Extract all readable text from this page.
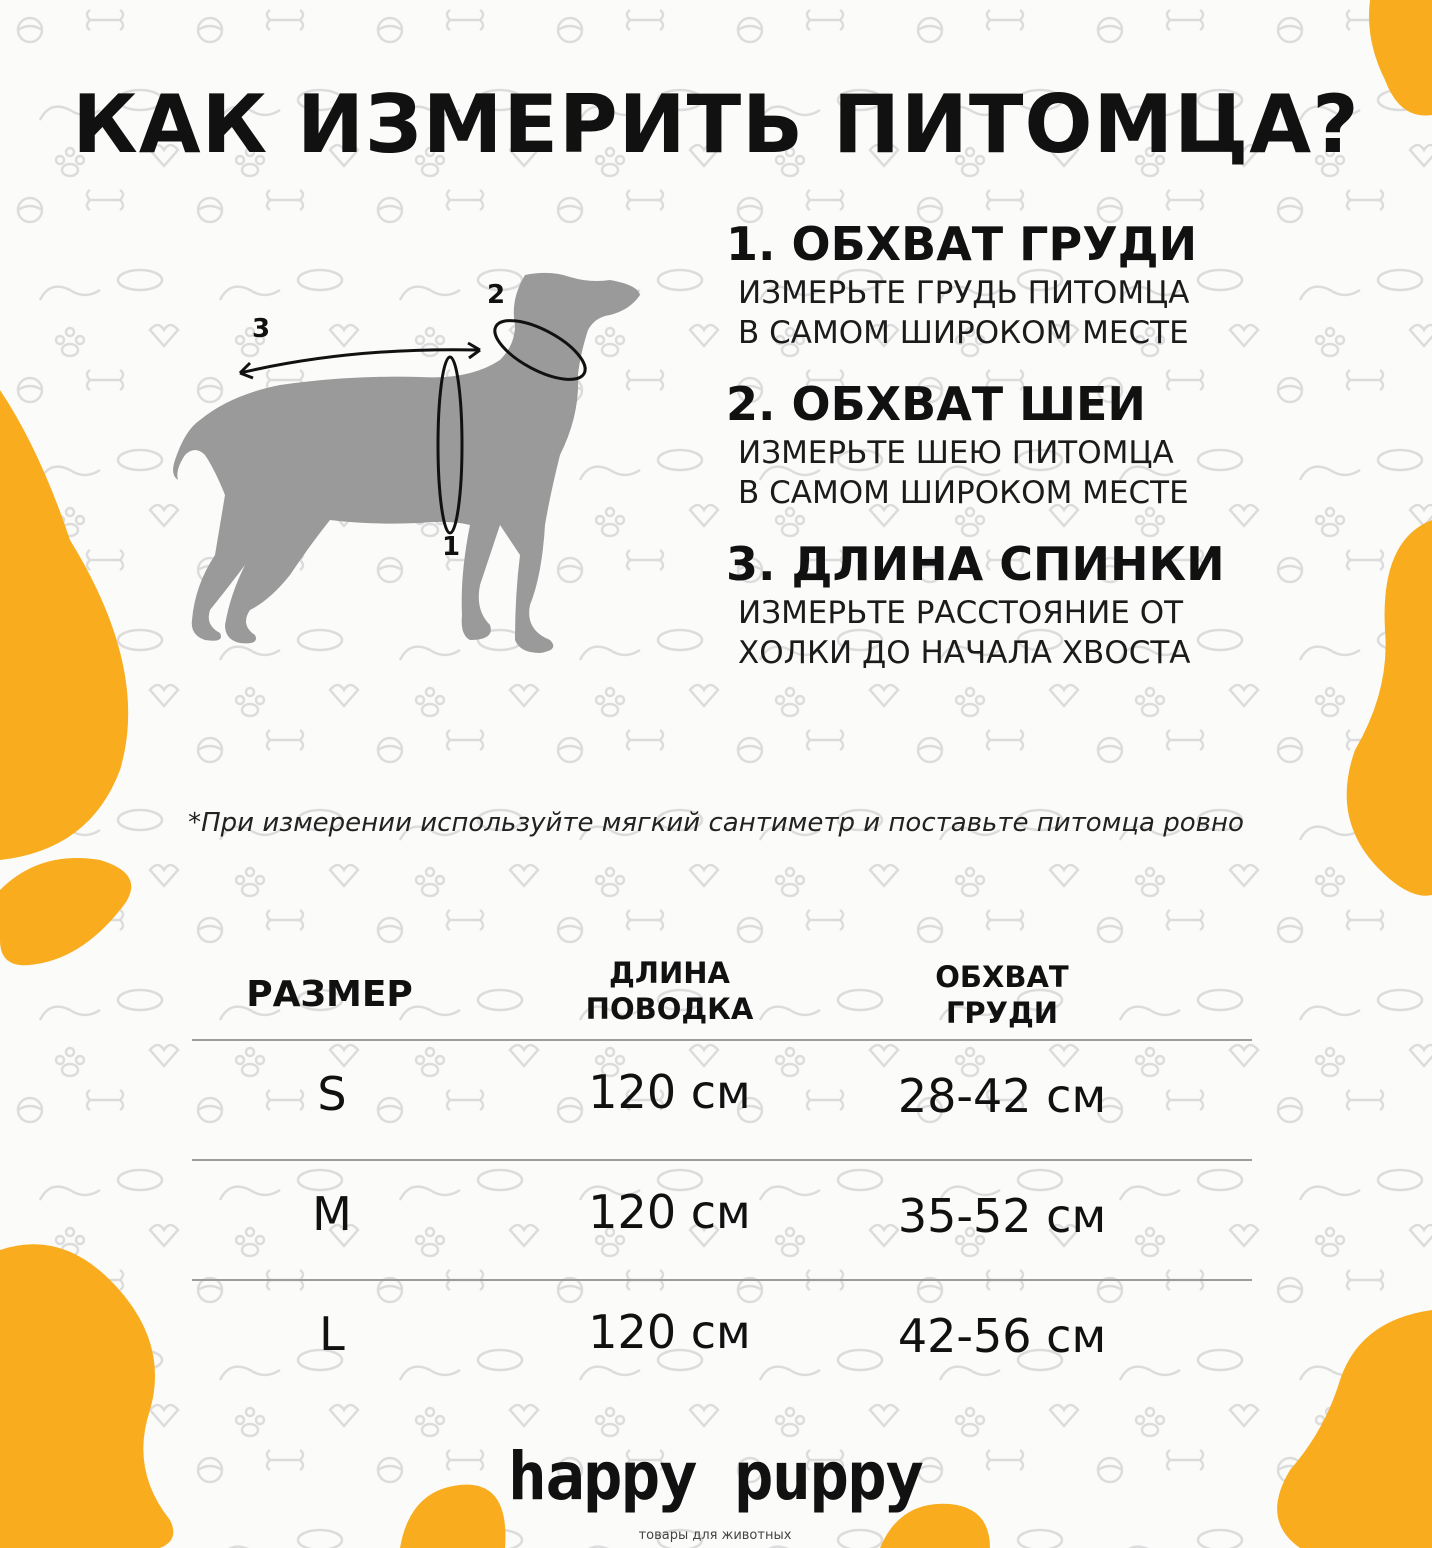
КАК ИЗМЕРИТЬ ПИТОМЦА?
1
2
3
1. ОБХВАТ ГРУДИ
ИЗМЕРЬТЕ ГРУДЬ ПИТОМЦА
В САМОМ ШИРОКОМ МЕСТЕ
2. ОБХВАТ ШЕИ
ИЗМЕРЬТЕ ШЕЮ ПИТОМЦА
В САМОМ ШИРОКОМ МЕСТЕ
3. ДЛИНА СПИНКИ
ИЗМЕРЬТЕ РАССТОЯНИЕ ОТ
ХОЛКИ ДО НАЧАЛА ХВОСТА
*При измерении используйте мягкий сантиметр и поставьте питомца ровно
РАЗМЕР
ДЛИНА
ПОВОДКА
ОБХВАТ
ГРУДИ
S	120 см	28-42 см
M	120 см	35-52 см
L	120 см	42-56 см
happy puppy
товары для животных
